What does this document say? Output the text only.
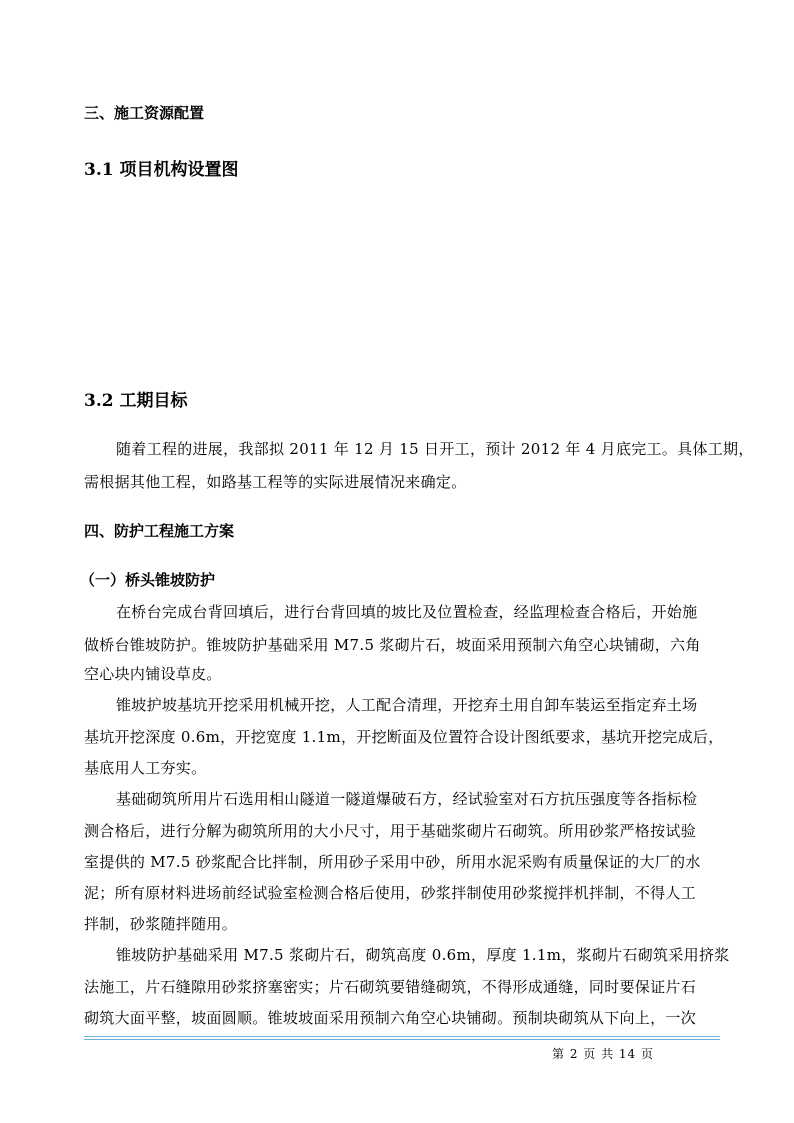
三、施工资源配置
3.1 项目机构设置图
3.2 工期目标
随着工程的进展，我部拟 2011 年 12 月 15 日开工，预计 2012 年 4 月底完工。具体工期，
需根据其他工程，如路基工程等的实际进展情况来确定。
四、防护工程施工方案
（一）桥头锥坡防护
在桥台完成台背回填后，进行台背回填的坡比及位置检查，经监理检查合格后，开始施
做桥台锥坡防护。锥坡防护基础采用 M7.5 浆砌片石，坡面采用预制六角空心块铺砌，六角
空心块内铺设草皮。
锥坡护坡基坑开挖采用机械开挖，人工配合清理，开挖弃土用自卸车装运至指定弃土场
基坑开挖深度 0.6m，开挖宽度 1.1m，开挖断面及位置符合设计图纸要求，基坑开挖完成后，
基底用人工夯实。
基础砌筑所用片石选用相山隧道一隧道爆破石方，经试验室对石方抗压强度等各指标检
测合格后，进行分解为砌筑所用的大小尺寸，用于基础浆砌片石砌筑。所用砂浆严格按试验
室提供的 M7.5 砂浆配合比拌制，所用砂子采用中砂，所用水泥采购有质量保证的大厂的水
泥；所有原材料进场前经试验室检测合格后使用，砂浆拌制使用砂浆搅拌机拌制，不得人工
拌制，砂浆随拌随用。
锥坡防护基础采用 M7.5 浆砌片石，砌筑高度 0.6m，厚度 1.1m，浆砌片石砌筑采用挤浆
法施工，片石缝隙用砂浆挤塞密实；片石砌筑要错缝砌筑，不得形成通缝，同时要保证片石
砌筑大面平整，坡面圆顺。锥坡坡面采用预制六角空心块铺砌。预制块砌筑从下向上，一次
第 2 页 共 14 页
